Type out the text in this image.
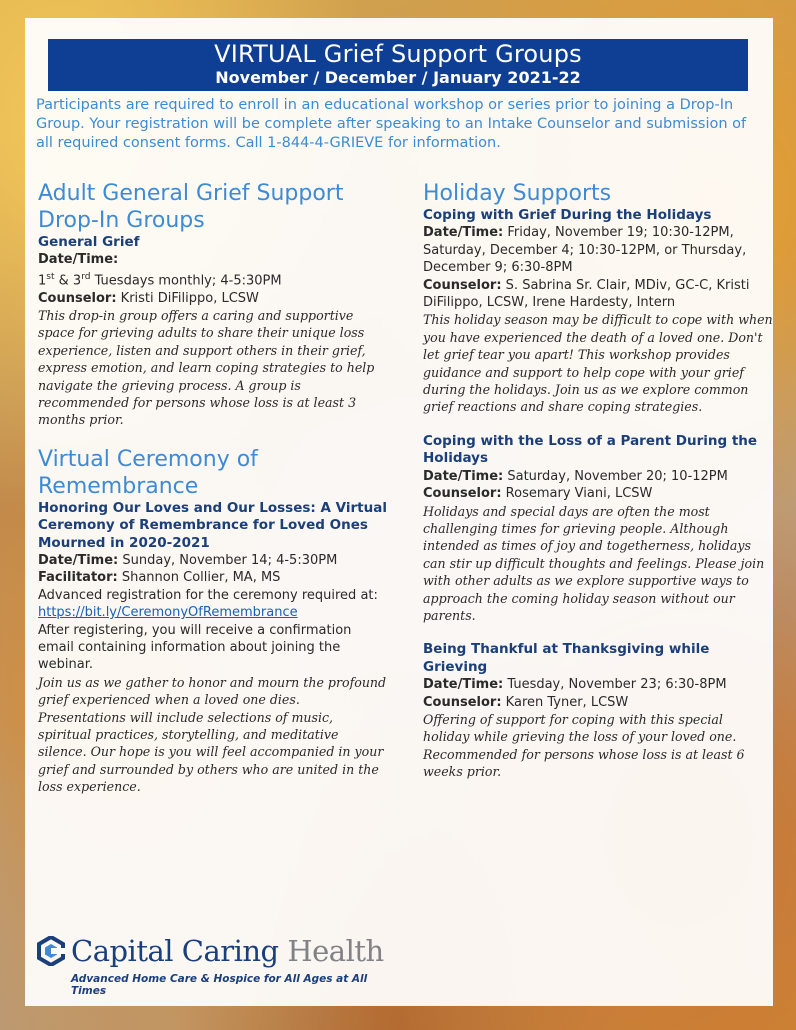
VIRTUAL Grief Support Groups
November / December / January 2021-22
Participants are required to enroll in an educational workshop or series prior to joining a Drop-In Group. Your registration will be complete after speaking to an Intake Counselor and submission of all required consent forms. Call 1-844-4-GRIEVE for information.
Adult General Grief Support Drop-In Groups
General Grief
Date/Time:
1st & 3rd Tuesdays monthly; 4-5:30PM
Counselor: Kristi DiFilippo, LCSW
This drop-in group offers a caring and supportive space for grieving adults to share their unique loss experience, listen and support others in their grief, express emotion, and learn coping strategies to help navigate the grieving process. A group is recommended for persons whose loss is at least 3 months prior.
Virtual Ceremony of Remembrance
Honoring Our Loves and Our Losses: A Virtual Ceremony of Remembrance for Loved Ones Mourned in 2020-2021
Date/Time: Sunday, November 14; 4-5:30PM
Facilitator: Shannon Collier, MA, MS
Advanced registration for the ceremony required at: https://bit.ly/CeremonyOfRemembrance
After registering, you will receive a confirmation email containing information about joining the webinar.
Join us as we gather to honor and mourn the profound grief experienced when a loved one dies. Presentations will include selections of music, spiritual practices, storytelling, and meditative silence. Our hope is you will feel accompanied in your grief and surrounded by others who are united in the loss experience.
Holiday Supports
Coping with Grief During the Holidays
Date/Time: Friday, November 19; 10:30-12PM, Saturday, December 4; 10:30-12PM, or Thursday, December 9; 6:30-8PM
Counselor: S. Sabrina Sr. Clair, MDiv, GC-C, Kristi DiFilippo, LCSW, Irene Hardesty, Intern
This holiday season may be difficult to cope with when you have experienced the death of a loved one. Don't let grief tear you apart! This workshop provides guidance and support to help cope with your grief during the holidays. Join us as we explore common grief reactions and share coping strategies.
Coping with the Loss of a Parent During the Holidays
Date/Time: Saturday, November 20; 10-12PM
Counselor: Rosemary Viani, LCSW
Holidays and special days are often the most challenging times for grieving people. Although intended as times of joy and togetherness, holidays can stir up difficult thoughts and feelings. Please join with other adults as we explore supportive ways to approach the coming holiday season without our parents.
Being Thankful at Thanksgiving while Grieving
Date/Time: Tuesday, November 23; 6:30-8PM
Counselor: Karen Tyner, LCSW
Offering of support for coping with this special holiday while grieving the loss of your loved one. Recommended for persons whose loss is at least 6 weeks prior.
Capital Caring Health
Advanced Home Care & Hospice for All Ages at All Times
